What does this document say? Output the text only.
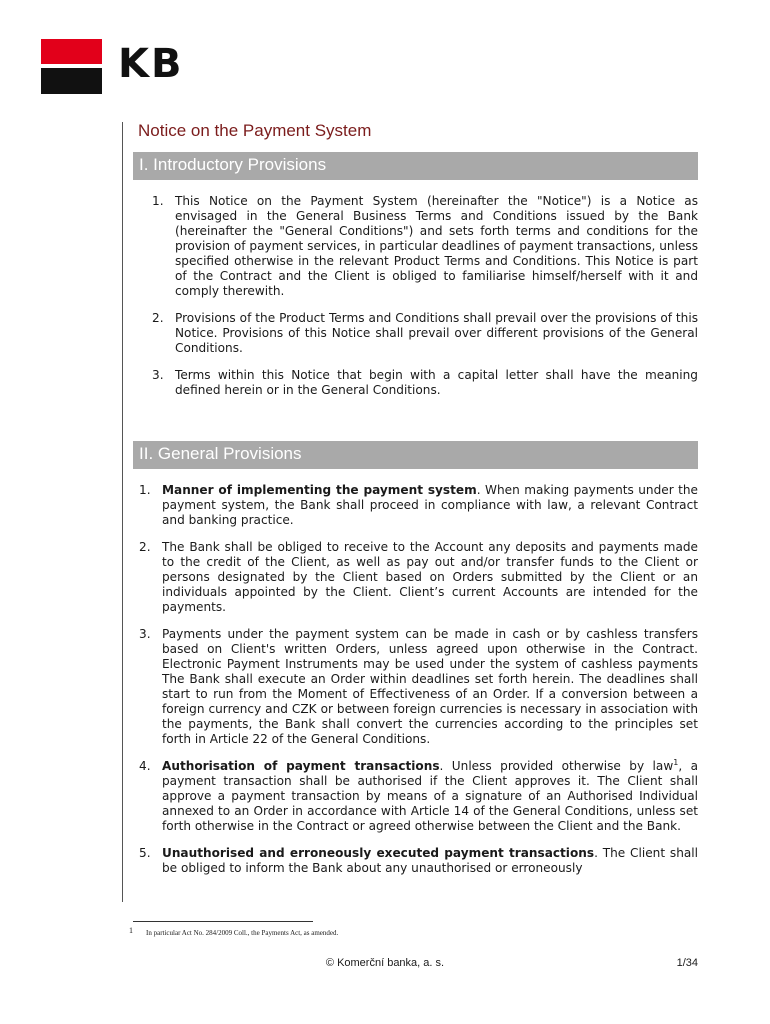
KB
Notice on the Payment System
I. Introductory Provisions
1. This Notice on the Payment System (hereinafter the "Notice") is a Notice as envisaged in the General Business Terms and Conditions issued by the Bank (hereinafter the "General Conditions") and sets forth terms and conditions for the provision of payment services, in particular deadlines of payment transactions, unless specified otherwise in the relevant Product Terms and Conditions. This Notice is part of the Contract and the Client is obliged to familiarise himself/herself with it and comply therewith.
2. Provisions of the Product Terms and Conditions shall prevail over the provisions of this Notice. Provisions of this Notice shall prevail over different provisions of the General Conditions.
3. Terms within this Notice that begin with a capital letter shall have the meaning defined herein or in the General Conditions.
II. General Provisions
1. Manner of implementing the payment system. When making payments under the payment system, the Bank shall proceed in compliance with law, a relevant Contract and banking practice.
2. The Bank shall be obliged to receive to the Account any deposits and payments made to the credit of the Client, as well as pay out and/or transfer funds to the Client or persons designated by the Client based on Orders submitted by the Client or an individuals appointed by the Client. Client’s current Accounts are intended for the payments.
3. Payments under the payment system can be made in cash or by cashless transfers based on Client's written Orders, unless agreed upon otherwise in the Contract. Electronic Payment Instruments may be used under the system of cashless payments The Bank shall execute an Order within deadlines set forth herein. The deadlines shall start to run from the Moment of Effectiveness of an Order. If a conversion between a foreign currency and CZK or between foreign currencies is necessary in association with the payments, the Bank shall convert the currencies according to the principles set forth in Article 22 of the General Conditions.
4. Authorisation of payment transactions. Unless provided otherwise by law$^1$, a payment transaction shall be authorised if the Client approves it. The Client shall approve a payment transaction by means of a signature of an Authorised Individual annexed to an Order in accordance with Article 14 of the General Conditions, unless set forth otherwise in the Contract or agreed otherwise between the Client and the Bank.
5. Unauthorised and erroneously executed payment transactions. The Client shall be obliged to inform the Bank about any unauthorised or erroneously
1 In particular Act No. 284/2009 Coll., the Payments Act, as amended.
© Komerční banka, a. s.	1/34
